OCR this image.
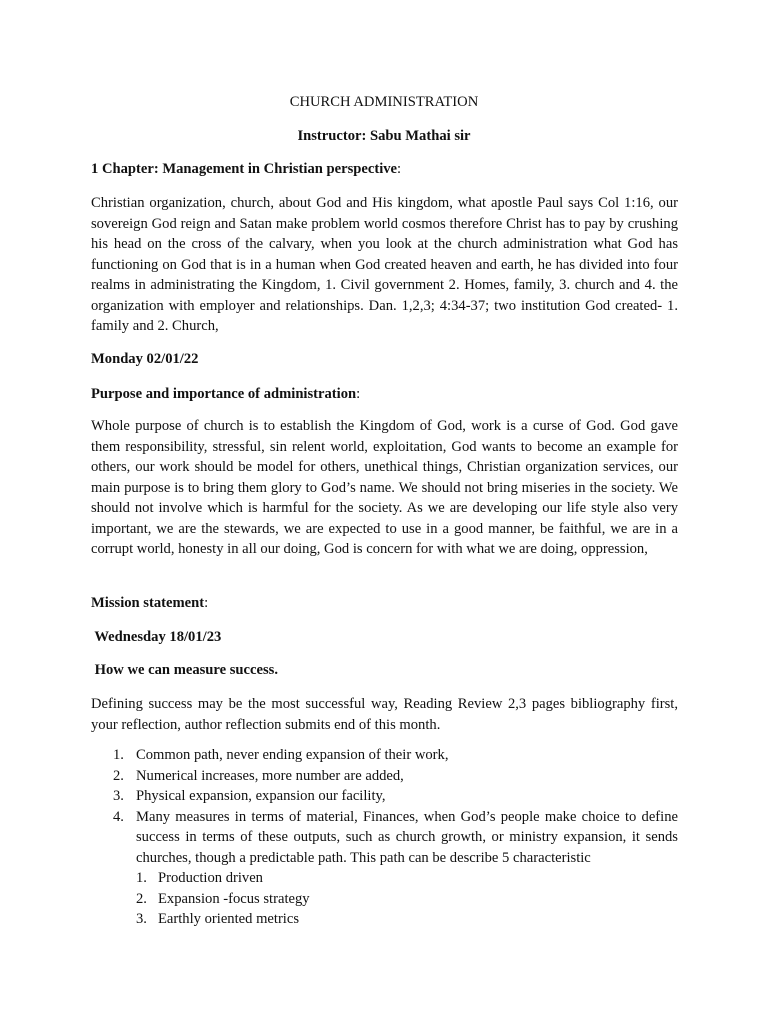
CHURCH ADMINISTRATION

Instructor: Sabu Mathai sir

1 Chapter: Management in Christian perspective:

Christian organization, church, about God and His kingdom, what apostle Paul says Col 1:16, our sovereign God reign and Satan make problem world cosmos therefore Christ has to pay by crushing his head on the cross of the calvary, when you look at the church administration what God has functioning on God that is in a human when God created heaven and earth, he has divided into four realms in administrating the Kingdom, 1. Civil government 2. Homes, family, 3. church and 4. the organization with employer and relationships. Dan. 1,2,3; 4:34-37; two institution God created- 1. family and 2. Church,

Monday 02/01/22

Purpose and importance of administration:

Whole purpose of church is to establish the Kingdom of God, work is a curse of God. God gave them responsibility, stressful, sin relent world, exploitation, God wants to become an example for others, our work should be model for others, unethical things, Christian organization services, our main purpose is to bring them glory to God’s name. We should not bring miseries in the society. We should not involve which is harmful for the society. As we are developing our life style also very important, we are the stewards, we are expected to use in a good manner, be faithful, we are in a corrupt world, honesty in all our doing, God is concern for with what we are doing, oppression,

Mission statement:

Wednesday 18/01/23

How we can measure success.

Defining success may be the most successful way, Reading Review 2,3 pages bibliography first, your reflection, author reflection submits end of this month.

1. Common path, never ending expansion of their work,
2. Numerical increases, more number are added,
3. Physical expansion, expansion our facility,
4. Many measures in terms of material, Finances, when God’s people make choice to define success in terms of these outputs, such as church growth, or ministry expansion, it sends churches, though a predictable path. This path can be describe 5 characteristic
1. Production driven
2. Expansion -focus strategy
3. Earthly oriented metrics
